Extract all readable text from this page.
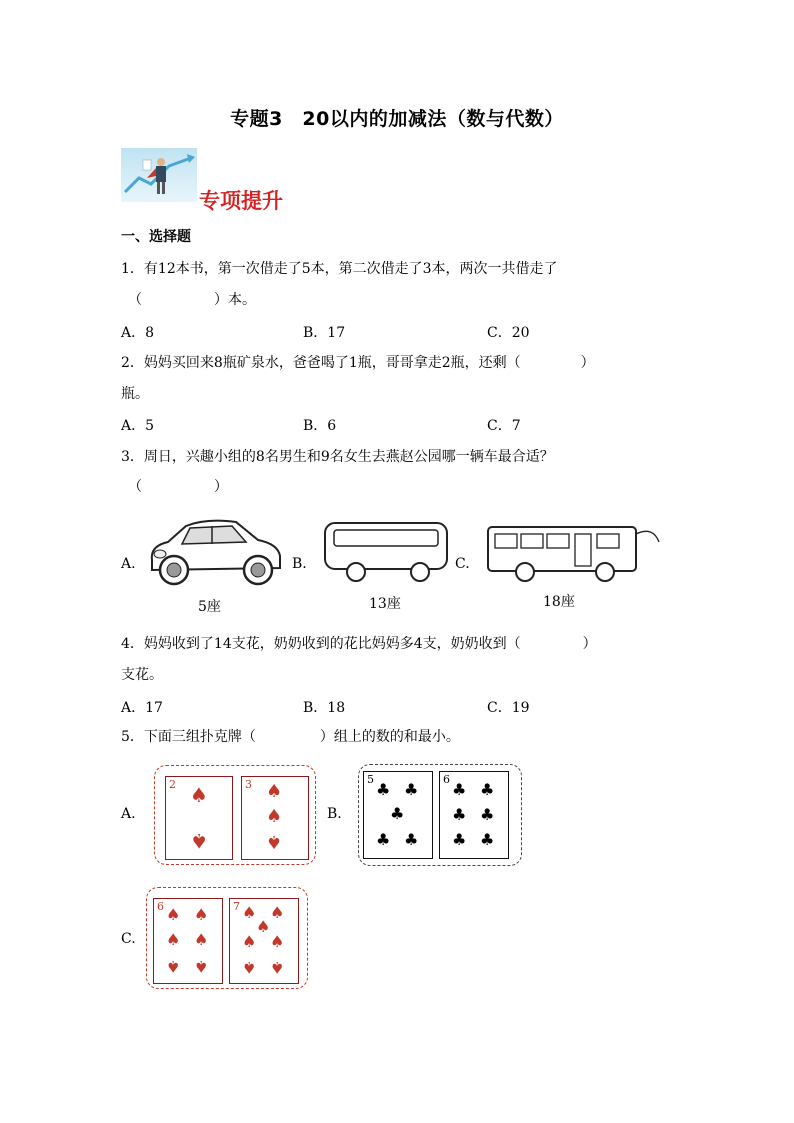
专题3　20以内的加减法（数与代数）
专项提升
一、选择题
1．有12本书，第一次借走了5本，第二次借走了3本，两次一共借走了
（	）本。
A．8	B．17	C．20
2．妈妈买回来8瓶矿泉水，爸爸喝了1瓶，哥哥拿走2瓶，还剩（	）
瓶。
A．5	B．6	C．7
3．周日，兴趣小组的8名男生和9名女生去燕赵公园哪一辆车最合适？
（	）
A.
5座
B.
13座
C.
18座
4．妈妈收到了14支花，奶奶收到的花比妈妈多4支，奶奶收到（	）
支花。
A．17	B．18	C．19
5．下面三组扑克牌（	）组上的数的和最小。
A.
2 ♠
♠
3 ♠
♠
♠
B.
5
♣ ♣
♣
♣ ♣
6
♣ ♣
♣ ♣
♣ ♣
C.
6 ♠ ♠
♠ ♠
♠ ♠
7 ♠ ♠
♠
♠ ♠
♠ ♠
